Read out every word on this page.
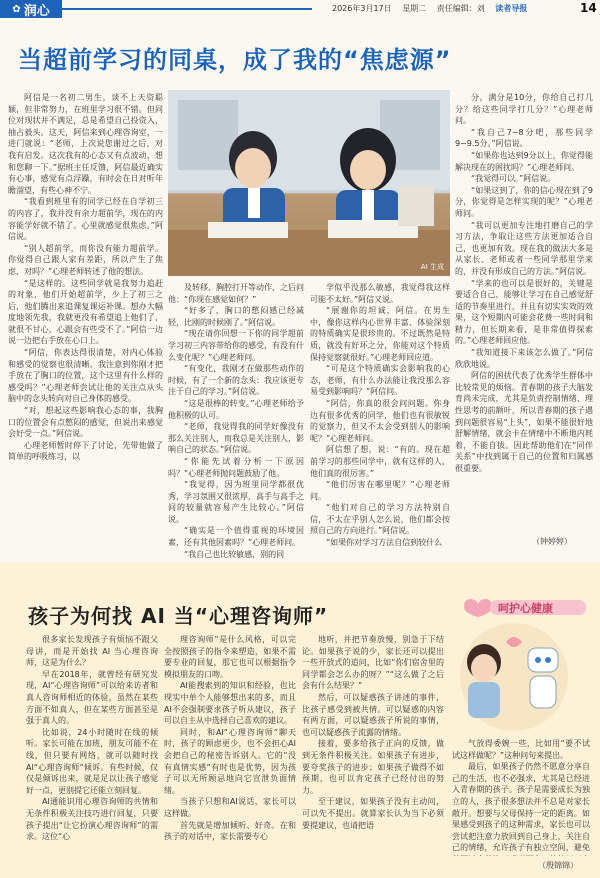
✿ 润心	2026年3月17日 星期二 责任编辑：刘 读者导报	14
当超前学习的同桌，成了我的“焦虑源”

阿信是一名初二男生，谈不上天资聪颖，但非常努力，在班里学习很不错。但同位对现状并不满足，总是希望自己投资入，抽占毅头。这天，阿信来到心理咨询室，一进门就说：“老师，上次说您谢过之后，对我有启发。这次我有的心态又有点波动，想和您聊一下。”据班主任反馈，阿信最近确实有心事，感觉有点浮躁，有时会在日对听年瞻溜望，有些心神不宁。

“我看到班里有的同学已经在自学初三的内容了，我并没有余力超前学，现在的内容能学好就不错了。心里就感觉很焦虑。”阿信说。

“别人超前学，而你没有能力超前学。你觉得自己跟人家有差距，所以产生了焦虑，对吗？”心理老师转述了他的想法。

“是这样的。这些同学就是我努力追赶的对象，他们开始超前学，少上了初三之后，他们腾出来追课复课运补课。想办大幅度地领先我，我就更没有希望追上他们了，就很不甘心，心跟会有些受不了。”阿信一边说一边把右手放在心口上。

“阿信，你表达得很清楚，对内心体验和感受的觉察也很清晰。我注意到你刚才把手放在了胸口的位置，这个这里有什么样的感受吗？”心理老师尝试让他的关注点从头脑中的念头转向对自己身体的感受。

“对，想起这些影响我心态的事，我胸口的位置会有点憋闷的感觉，但说出来感觉会好受一点。”阿信说。

心理老师暂时停下了讨论，先带他做了简单的呼吸练习，以

AI 生成

及转移、胸腔打开等动作，之后问他：“你现在感觉如何？”

“好多了，胸口的憋闷感已经减轻，比刚的时候刚了。”阿信说。

“现在请你回想一下你的同学超前学习初三内容带给你的感受，有没有什么变化呢？”心理老师问。

“有变化，我刚才在做那些动作的时候，有了一个新的念头：我应该更专注于自己的学习。”阿信说。

“这是很棒的转变。”心理老师给予他积极的认可。

“老师，我觉得我的同学好像没有那么关注别人，而我总是关注别人，影响自己的状态。”阿信说。

“你能先试着分析一下原因吗？”心理老师抛问题鼓励了他。

“我觉得，因为班里同学都很优秀，学习氛围又很浓厚，高手与高手之间的较量就容易产生比较心。”阿信说。

“确实是一个值得重视的环境因素，还有其他因素吗？”心理老师问。

“我自己也比较敏感，别的同

学似乎没那么敏感，我觉得我这样可能不太好。”阿信又说。

“展谢你的坦诚，阿信。在男生中，像你这样内心世界丰富、体验深刻的特质确实是很珍贵的。不过既然是特质，就没有好坏之分，你能对这个特质保持觉察就很好。”心理老师回应道。

“可是这个特质确实会影响我的心态，老师，有什么办法能让我没那么容易受到影响吗？”阿信问。

“阿信，你真的很会问问题。你身边有很多优秀的同学，他们也有很敏锐的觉察力，但又不太会受到别人的影响呢？”心理老师问。

阿信想了想，说：“有的。现在超前学习的那些同学中，就有这样的人，他们真的很厉害。”

“他们厉害在哪里呢？”心理老师问。

“他们对自己的学习方法特别自信，不太在乎别人怎么说，他们都会按照自己的方向进行。”阿信说。

“如果你对学习方法自信到较什么

分，满分是10分，你给自己打几分？给这些同学打几分？”心理老师问。

“我自己7~8分吧，那些同学9~9.5分。”阿信说。

“如果你也达到9分以上，你觉得能解决现在的困扰吗？”心理老师问。

“我觉得可以。”阿信说。

“如果这到了，你的信心现在到了9分，你觉得是怎样实现的呢？”心理老师问。

“我可以更加专注地打磨自己的学习方法，争取让这些方法更加适合自己，也更加有效。现在我的做法大多是从家长、老师或者一些同学那里学来的，并没有形成自己的方法。”阿信说。

“学来的也可以是很好的，关键是要适合自己，能够让学习在自己感觉舒适的节奏里进行，并且有切实实效的效果，这个短期内可能会花费一些时间和精力，但长期来看，是非常值得探索的。”心理老师回应他。

“我知道接下来该怎么做了。”阿信欣欣地说。

阿信的困扰代表了优秀学生群体中比较常见的烦恼。青春期的孩子大脑发育尚未完成，尤其是负责控制情绪、理性思考的前额叶，所以青春期的孩子遇到问题很容易“上头”，如果不能很好地舒解情绪，就会卡在情绪中不断地内耗着，不能自拔。因此帮助他们在“同伴关系”中找到属于自己的位置和归属感很重要。

（钟婷婷）
呵护心健康
孩子为何找 AI 当“心理咨询师”

很多家长发现孩子有烦恼不跟父母讲，而是开始找 AI 当心理咨询师，这是为什么？

早在2018年，就曾经有研究发现，AI“心理咨询师”可以给来访者和真人咨询师相近的体验，虽然在某些方面不如真人，但在某些方面甚至是强于真人的。

比如说，24小时随时在线的倾听。家长可能在加班，朋友可能不在线，但只要有网络，就可以随时找AI“心理咨询师”倾诉。有些时候，仅仅是倾诉出来，就是足以让孩子感觉好一点，更别提它还能立刻回复。

AI通能识用心理咨询师的共情和无条件积极关注技巧进行回复，只要孩子提出“让它扮演心理咨询师”的需求。这位“心

理咨询师”是什么风格，可以完全按照孩子的指令来塑造，如果不需要专业的回复，那它也可以根据指令模拟朋友的口吻。

AI能搜索到的知识和经验，也比现实中单个人能够想出来的多，而且AI不会强制要求孩子听从建议，孩子可以自主从中选择自己喜欢的建议。

同时，和AI“心理咨询师”聊天时，孩子的顾虑更少，也不会担心AI会把自己的秘密告诉别人。它的“没有真情实感”有时也是优势，因为孩子可以无所顾忌地向它宣泄负面情绪。

当孩子只想和AI说话，家长可以这样做。

首先就是增加倾听、好奇。在和孩子的对话中，家长需要专心

地听，并把节奏放慢，别急于下结论。如果孩子说的少，家长还可以提出一些开放式的追问，比如“你们宿舍里的同学都会怎么办的呀？”“这么做了之后会有什么结果？”

然后，可以疑惑孩子讲述的事件，比孩子感受到被共情。可以疑惑的内容有两方面，可以疑惑孩子所说的事情，也可以疑惑孩子流露的情绪。

接着，要多给孩子正向的反馈，做到无条件积极关注。如果孩子有进步，要夸奖孩子的进步；如果孩子做得不如预期，也可以肯定孩子已经付出的努力。

至于建议，如果孩子没有主动问，可以先不提出。就算家长认为当下必须要提建议，也请把语

气放得委婉一些，比如用“要不试试这样做呢？”这种问句来提出。

最后，如果孩子仍然不愿意分享自己的生活，也不必强求，尤其是已经进入青春期的孩子。孩子是需要成长为独立的人，孩子很多想法并不总是对家长敞开。想要与父母保持一定的距离。如果感受到孩子的这种需求，家长也可以尝试把注意力放回到自己身上，关注自己的情绪，允许孩子有独立空间，避免

（殷锦锦）
